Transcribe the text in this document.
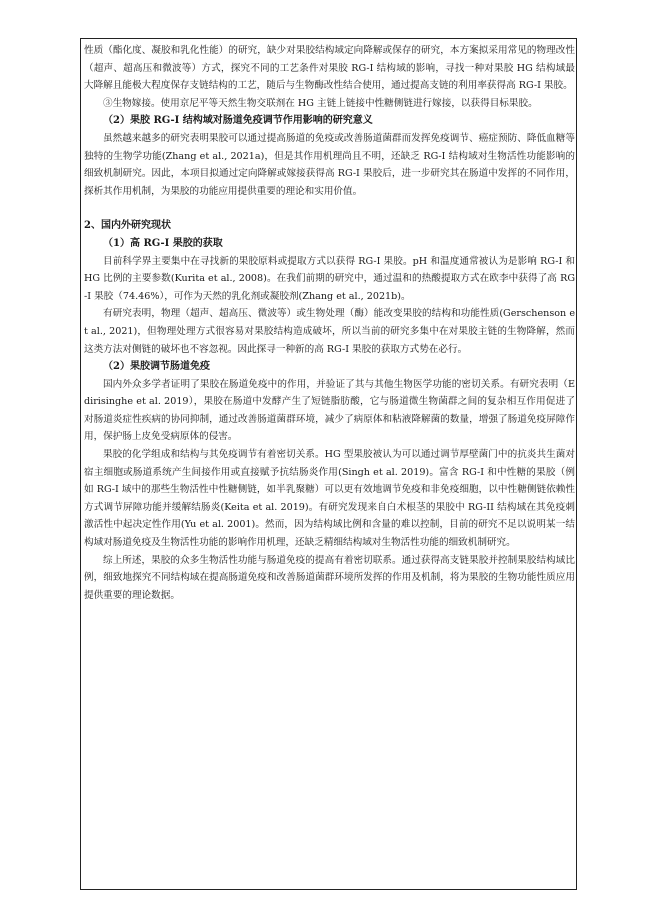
性质（酯化度、凝胶和乳化性能）的研究，缺少对果胶结构域定向降解或保存的研究，本方案拟采用常见的物理改性（超声、超高压和微波等）方式，探究不同的工艺条件对果胶 RG-I 结构域的影响，寻找一种对果胶 HG 结构域最大降解且能极大程度保存支链结构的工艺，随后与生物酶改性结合使用，通过提高支链的利用率获得高 RG-I 果胶。

③生物嫁接。使用京尼平等天然生物交联剂在 HG 主链上链接中性糖侧链进行嫁接，以获得目标果胶。

（2）果胶 RG-I 结构域对肠道免疫调节作用影响的研究意义

虽然越来越多的研究表明果胶可以通过提高肠道的免疫或改善肠道菌群而发挥免疫调节、癌症预防、降低血糖等独特的生物学功能(Zhang et al., 2021a)，但是其作用机理尚且不明，还缺乏 RG-I 结构域对生物活性功能影响的细致机制研究。因此，本项目拟通过定向降解或嫁接获得高 RG-I 果胶后，进一步研究其在肠道中发挥的不同作用，探析其作用机制，为果胶的功能应用提供重要的理论和实用价值。

2、国内外研究现状

（1）高 RG-I 果胶的获取

目前科学界主要集中在寻找新的果胶原料或提取方式以获得 RG-I 果胶。pH 和温度通常被认为是影响 RG-I 和 HG 比例的主要参数(Kurita et al., 2008)。在我们前期的研究中，通过温和的热酸提取方式在欧李中获得了高 RG-I 果胶（74.46%），可作为天然的乳化剂或凝胶剂(Zhang et al., 2021b)。

有研究表明，物理（超声、超高压、微波等）或生物处理（酶）能改变果胶的结构和功能性质(Gerschenson et al., 2021)，但物理处理方式很容易对果胶结构造成破坏，所以当前的研究多集中在对果胶主链的生物降解，然而这类方法对侧链的破坏也不容忽视。因此探寻一种新的高 RG-I 果胶的获取方式势在必行。

（2）果胶调节肠道免疫

国内外众多学者证明了果胶在肠道免疫中的作用，并验证了其与其他生物医学功能的密切关系。有研究表明（Edirisinghe et al. 2019），果胶在肠道中发酵产生了短链脂肪酸，它与肠道微生物菌群之间的复杂相互作用促进了对肠道炎症性疾病的协同抑制，通过改善肠道菌群环境，减少了病原体和粘液降解菌的数量，增强了肠道免疫屏障作用，保护肠上皮免受病原体的侵害。

果胶的化学组成和结构与其免疫调节有着密切关系。HG 型果胶被认为可以通过调节厚壁菌门中的抗炎共生菌对宿主细胞或肠道系统产生间接作用或直接赋予抗结肠炎作用(Singh et al. 2019)。富含 RG-I 和中性糖的果胶（例如 RG-I 域中的那些生物活性中性糖侧链，如半乳聚糖）可以更有效地调节免疫和非免疫细胞，以中性糖侧链依赖性方式调节屏障功能并缓解结肠炎(Keita et al. 2019)。有研究发现来自白术根茎的果胶中 RG-II 结构域在其免疫刺激活性中起决定性作用(Yu et al. 2001)。然而，因为结构域比例和含量的难以控制，目前的研究不足以说明某一结构域对肠道免疫及生物活性功能的影响作用机理，还缺乏精细结构域对生物活性功能的细致机制研究。

综上所述，果胶的众多生物活性功能与肠道免疫的提高有着密切联系。通过获得高支链果胶并控制果胶结构域比例，细致地探究不同结构域在提高肠道免疫和改善肠道菌群环境所发挥的作用及机制，将为果胶的生物功能性质应用提供重要的理论数据。
